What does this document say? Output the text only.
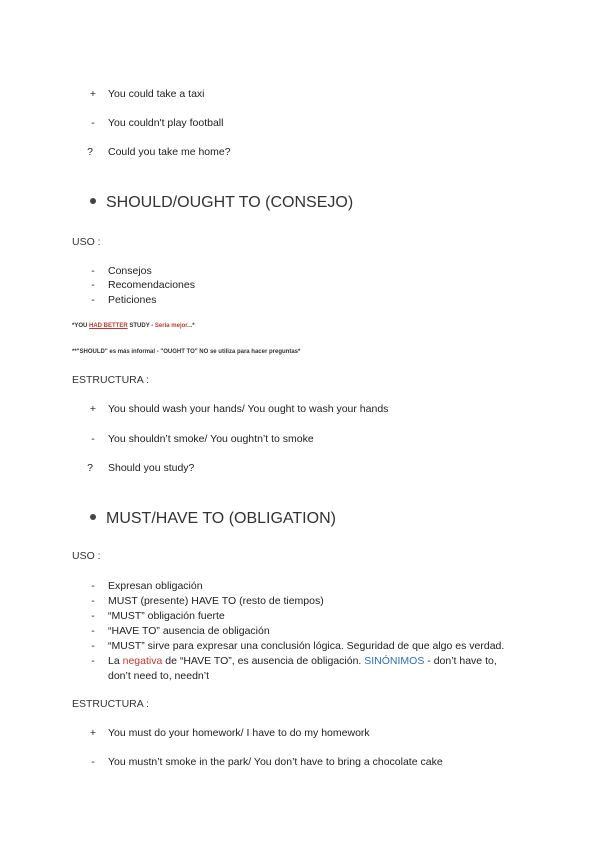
+	You could take a taxi
-	You couldn't play football
?	Could you take me home?
SHOULD/OUGHT TO (CONSEJO)
USO :
-	Consejos
-	Recomendaciones
-	Peticiones
*YOU HAD BETTER STUDY - Sería mejor...*
**"SHOULD" es más informal - "OUGHT TO" NO se utiliza para hacer preguntas*
ESTRUCTURA :
+	You should wash your hands/ You ought to wash your hands
-	You shouldn’t smoke/ You oughtn’t to smoke
?	Should you study?
MUST/HAVE TO (OBLIGATION)
USO :
-	Expresan obligación
-	MUST (presente) HAVE TO (resto de tiempos)
-	“MUST” obligación fuerte
-	“HAVE TO” ausencia de obligación
-	“MUST” sirve para expresar una conclusión lógica. Seguridad de que algo es verdad.
-	La negativa de “HAVE TO”, es ausencia de obligación. SINÓNIMOS - don’t have to,
don’t need to, needn’t
ESTRUCTURA :
+	You must do your homework/ I have to do my homework
-	You mustn’t smoke in the park/ You don’t have to bring a chocolate cake
